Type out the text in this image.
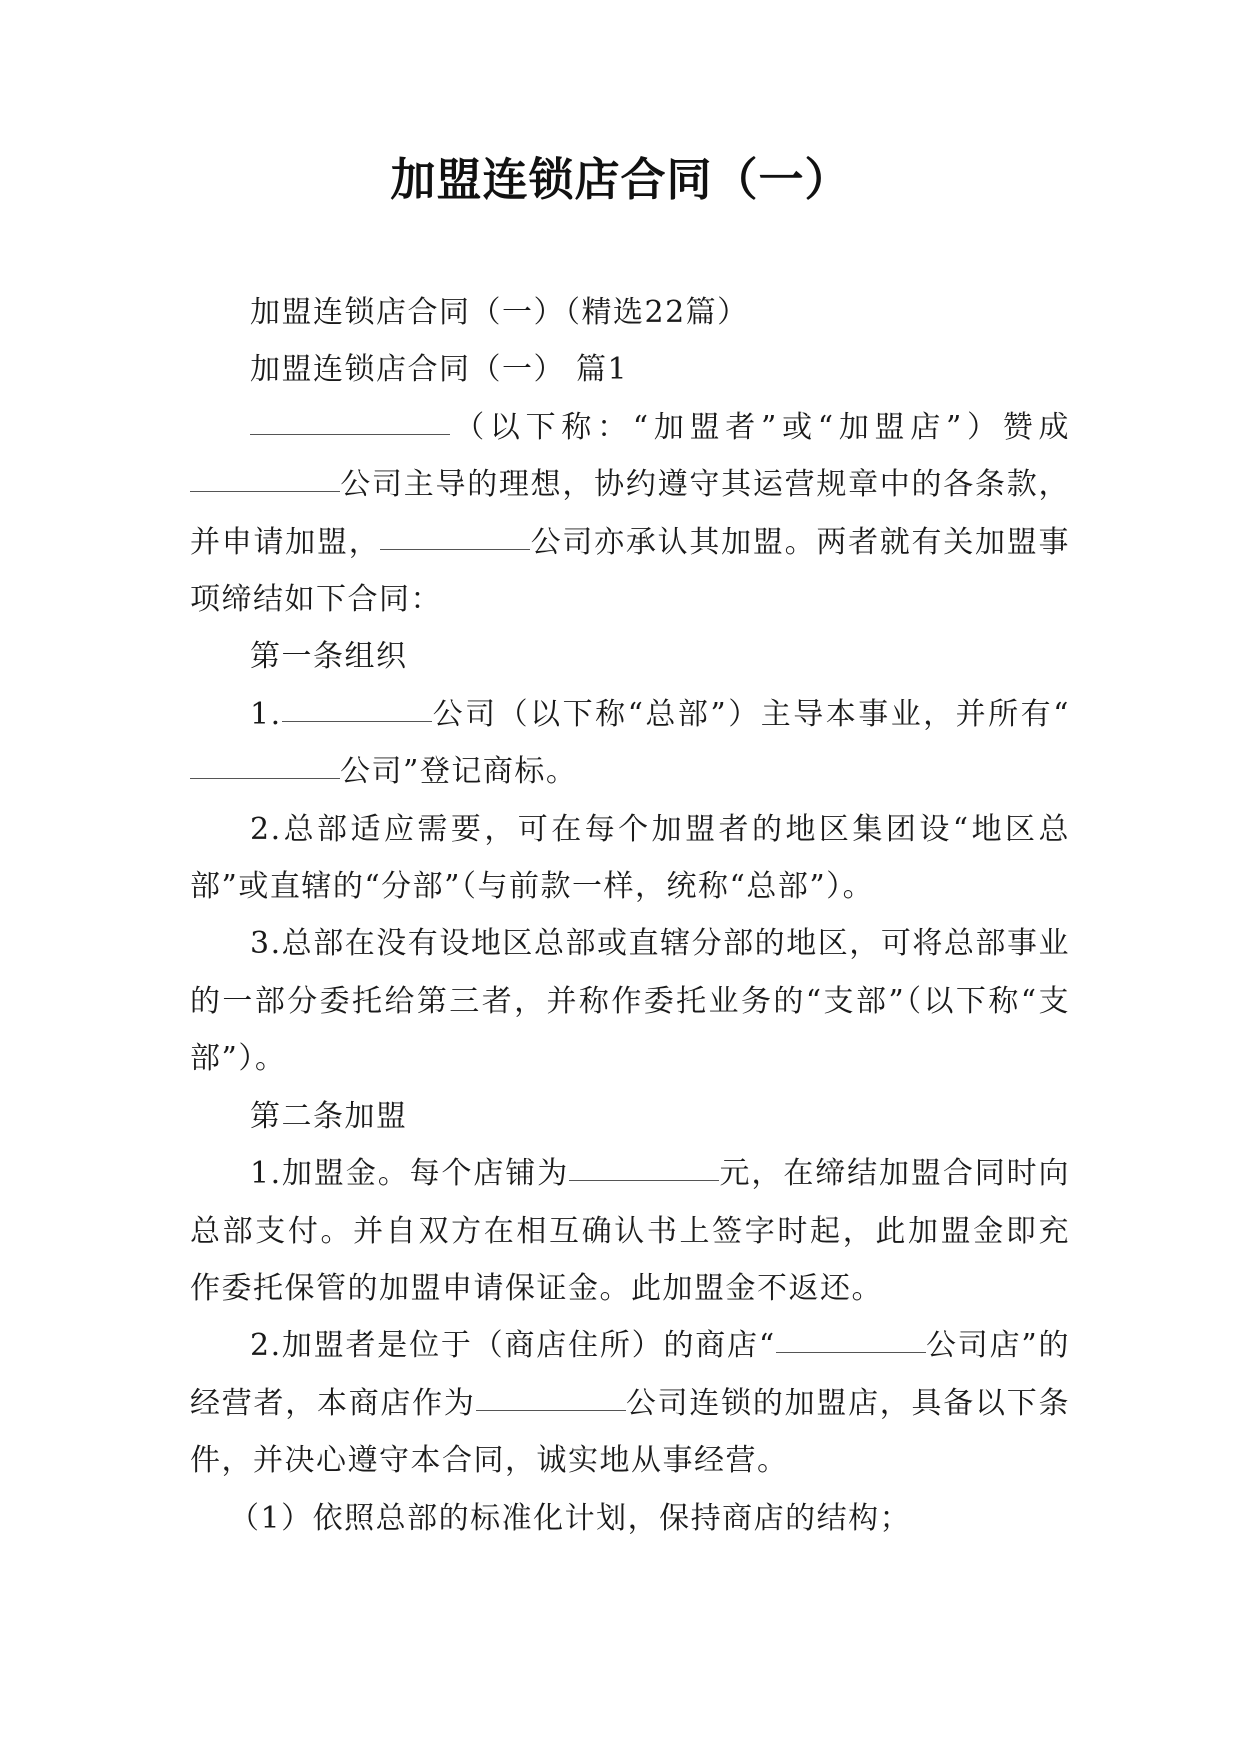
加盟连锁店合同（一）

加盟连锁店合同（一）（精选22篇）

加盟连锁店合同（一） 篇1

（以下称：“加盟者”或“加盟店”）赞成公司主导的理想，协约遵守其运营规章中的各条款，并申请加盟，	公司亦承认其加盟。两者就有关加盟事项缔结如下合同：

第一条组织

1.	公司（以下称“总部”）主导本事业，并所有“公司”登记商标。

2.总部适应需要，可在每个加盟者的地区集团设“地区总部”或直辖的“分部”（与前款一样，统称“总部”）。

3.总部在没有设地区总部或直辖分部的地区，可将总部事业的一部分委托给第三者，并称作委托业务的“支部”（以下称“支部”）。

第二条加盟

1.加盟金。每个店铺为	元，在缔结加盟合同时向总部支付。并自双方在相互确认书上签字时起，此加盟金即充作委托保管的加盟申请保证金。此加盟金不返还。

2.加盟者是位于（商店住所）的商店“	公司店”的经营者，本商店作为	公司连锁的加盟店，具备以下条件，并决心遵守本合同，诚实地从事经营。

（1）依照总部的标准化计划，保持商店的结构；
